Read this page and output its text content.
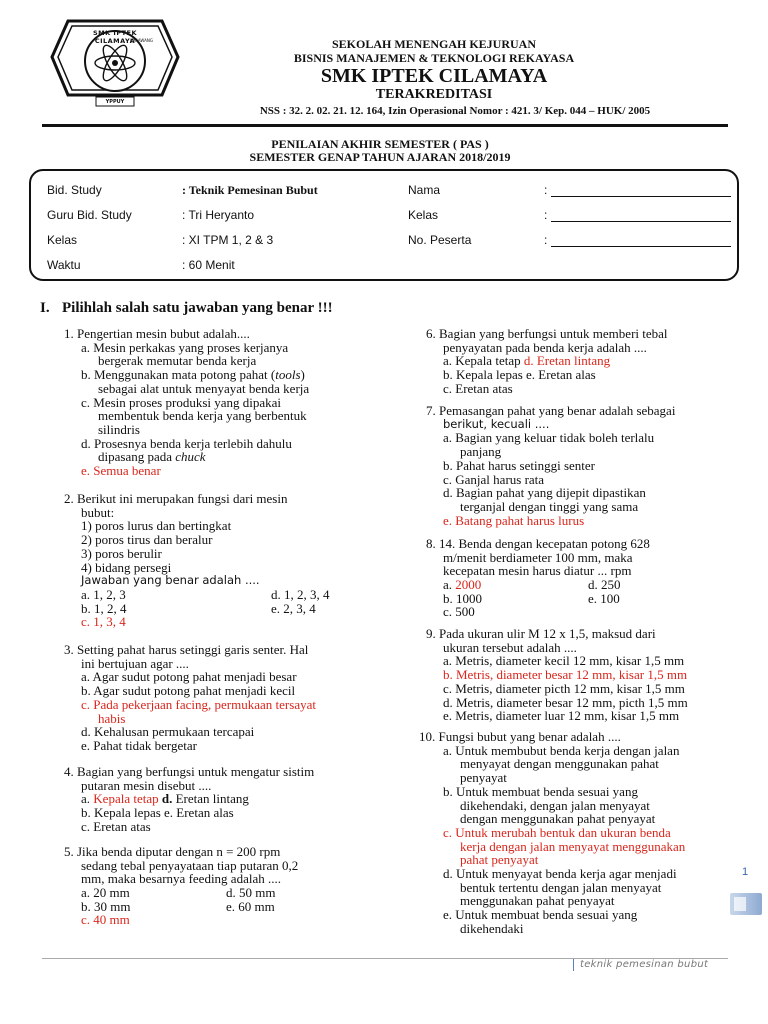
SMK IPTEK CILAMAYA
KARAWANG
YPPUY
SEKOLAH MENENGAH KEJURUAN
BISNIS MANAJEMEN & TEKNOLOGI REKAYASA
SMK IPTEK CILAMAYA
TERAKREDITASI
NSS : 32. 2. 02. 21. 12. 164, Izin Operasional Nomor : 421. 3/ Kep. 044 – HUK/ 2005
PENILAIAN AKHIR SEMESTER ( PAS )
SEMESTER GENAP TAHUN AJARAN 2018/2019
Bid. Study	: Teknik Pemesinan Bubut
Guru Bid. Study	: Tri Heryanto
Kelas	: XI TPM 1, 2 & 3
Waktu	: 60 Menit
Nama	:
Kelas	:
No. Peserta	:
I. Pilihlah salah satu jawaban yang benar !!!
1. Pengertian mesin bubut adalah....
a. Mesin perkakas yang proses kerjanya
bergerak memutar benda kerja
b. Menggunakan mata potong pahat (tools)
sebagai alat untuk menyayat benda kerja
c. Mesin proses produksi yang dipakai
membentuk benda kerja yang berbentuk
silindris
d. Prosesnya benda kerja terlebih dahulu
dipasang pada chuck
e. Semua benar
2. Berikut ini merupakan fungsi dari mesin
bubut:
1) poros lurus dan bertingkat
2) poros tirus dan beralur
3) poros berulir
4) bidang persegi
Jawaban yang benar adalah ....
a. 1, 2, 3	d. 1, 2, 3, 4
b. 1, 2, 4	e. 2, 3, 4
c. 1, 3, 4
3. Setting pahat harus setinggi garis senter. Hal
ini bertujuan agar ....
a. Agar sudut potong pahat menjadi besar
b. Agar sudut potong pahat menjadi kecil
c. Pada pekerjaan facing, permukaan tersayat
habis
d. Kehalusan permukaan tercapai
e. Pahat tidak bergetar
4. Bagian yang berfungsi untuk mengatur sistim
putaran mesin disebut ....
a. Kepala tetap d. Eretan lintang
b. Kepala lepas e. Eretan alas
c. Eretan atas
5. Jika benda diputar dengan n = 200 rpm
sedang tebal penyayataan tiap putaran 0,2
mm, maka besarnya feeding adalah ....
a. 20 mm	d. 50 mm
b. 30 mm	e. 60 mm
c. 40 mm
6. Bagian yang berfungsi untuk memberi tebal
penyayatan pada benda kerja adalah ....
a. Kepala tetap d. Eretan lintang
b. Kepala lepas e. Eretan alas
c. Eretan atas
7. Pemasangan pahat yang benar adalah sebagai
berikut, kecuali ....
a. Bagian yang keluar tidak boleh terlalu
panjang
b. Pahat harus setinggi senter
c. Ganjal harus rata
d. Bagian pahat yang dijepit dipastikan
terganjal dengan tinggi yang sama
e. Batang pahat harus lurus
8. 14. Benda dengan kecepatan potong 628
m/menit berdiameter 100 mm, maka
kecepatan mesin harus diatur ... rpm
a. 2000	d. 250
b. 1000	e. 100
c. 500
9. Pada ukuran ulir M 12 x 1,5, maksud dari
ukuran tersebut adalah ....
a. Metris, diameter kecil 12 mm, kisar 1,5 mm
b. Metris, diameter besar 12 mm, kisar 1,5 mm
c. Metris, diameter picth 12 mm, kisar 1,5 mm
d. Metris, diameter besar 12 mm, picth 1,5 mm
e. Metris, diameter luar 12 mm, kisar 1,5 mm
10. Fungsi bubut yang benar adalah ....
a. Untuk membubut benda kerja dengan jalan
menyayat dengan menggunakan pahat
penyayat
b. Untuk membuat benda sesuai yang
dikehendaki, dengan jalan menyayat
dengan menggunakan pahat penyayat
c. Untuk merubah bentuk dan ukuran benda
kerja dengan jalan menyayat menggunakan
pahat penyayat
d. Untuk menyayat benda kerja agar menjadi
bentuk tertentu dengan jalan menyayat
menggunakan pahat penyayat
e. Untuk membuat benda sesuai yang
dikehendaki
1
teknik pemesinan bubut
